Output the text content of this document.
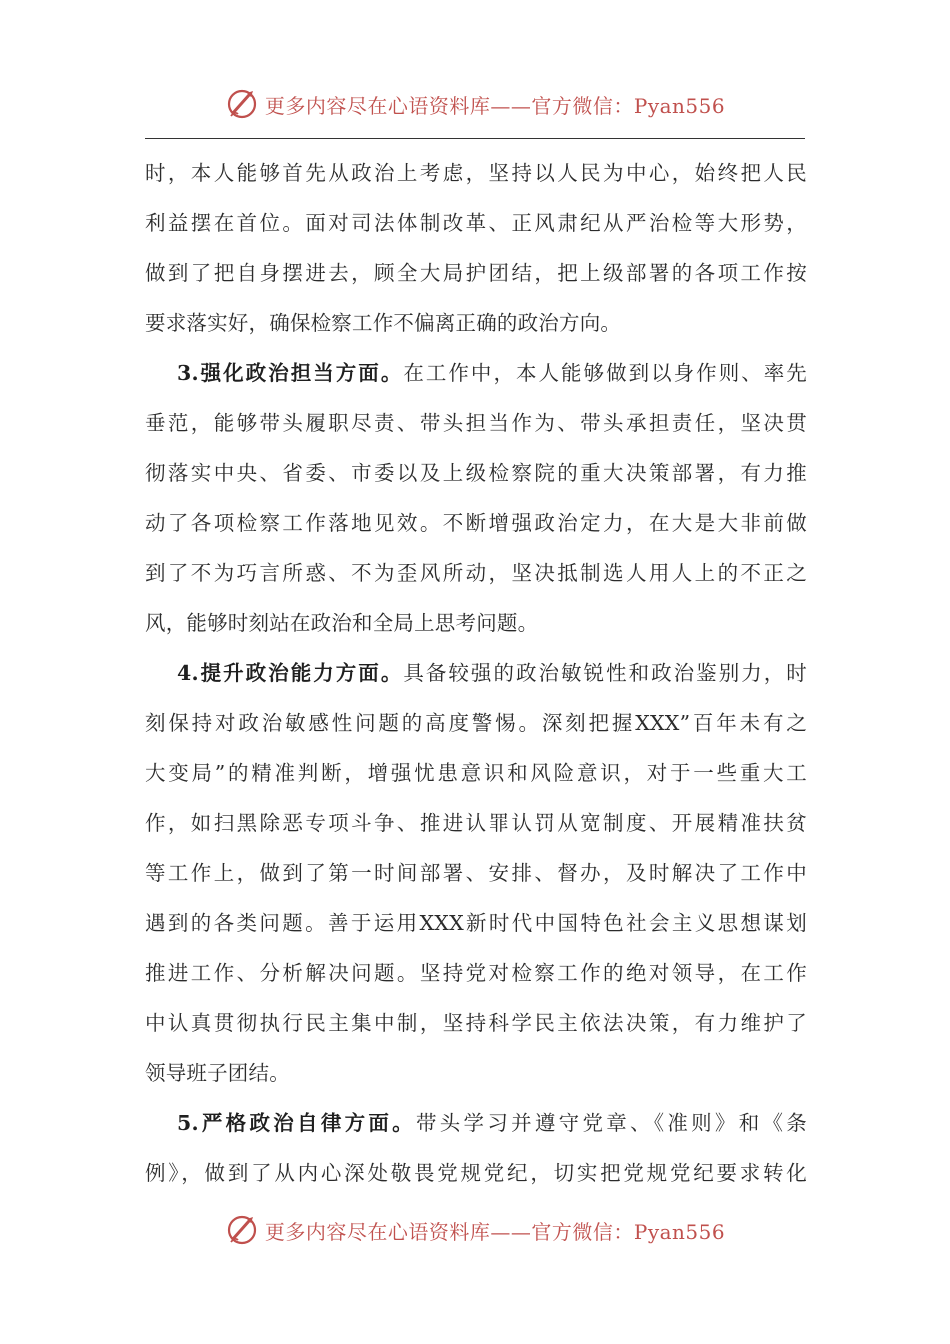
更多内容尽在心语资料库——官方微信：Pyan556
时，本人能够首先从政治上考虑，坚持以人民为中心，始终把人民
利益摆在首位。面对司法体制改革、正风肃纪从严治检等大形势，
做到了把自身摆进去，顾全大局护团结，把上级部署的各项工作按
要求落实好，确保检察工作不偏离正确的政治方向。
3.强化政治担当方面。在工作中，本人能够做到以身作则、率先
垂范，能够带头履职尽责、带头担当作为、带头承担责任，坚决贯
彻落实中央、省委、市委以及上级检察院的重大决策部署，有力推
动了各项检察工作落地见效。不断增强政治定力，在大是大非前做
到了不为巧言所惑、不为歪风所动，坚决抵制选人用人上的不正之
风，能够时刻站在政治和全局上思考问题。
4.提升政治能力方面。具备较强的政治敏锐性和政治鉴别力，时
刻保持对政治敏感性问题的高度警惕。深刻把握XXX”百年未有之
大变局”的精准判断，增强忧患意识和风险意识，对于一些重大工
作，如扫黑除恶专项斗争、推进认罪认罚从宽制度、开展精准扶贫
等工作上，做到了第一时间部署、安排、督办，及时解决了工作中
遇到的各类问题。善于运用XXX新时代中国特色社会主义思想谋划
推进工作、分析解决问题。坚持党对检察工作的绝对领导，在工作
中认真贯彻执行民主集中制，坚持科学民主依法决策，有力维护了
领导班子团结。
5.严格政治自律方面。带头学习并遵守党章、《准则》和《条
例》，做到了从内心深处敬畏党规党纪，切实把党规党纪要求转化
更多内容尽在心语资料库——官方微信：Pyan556
